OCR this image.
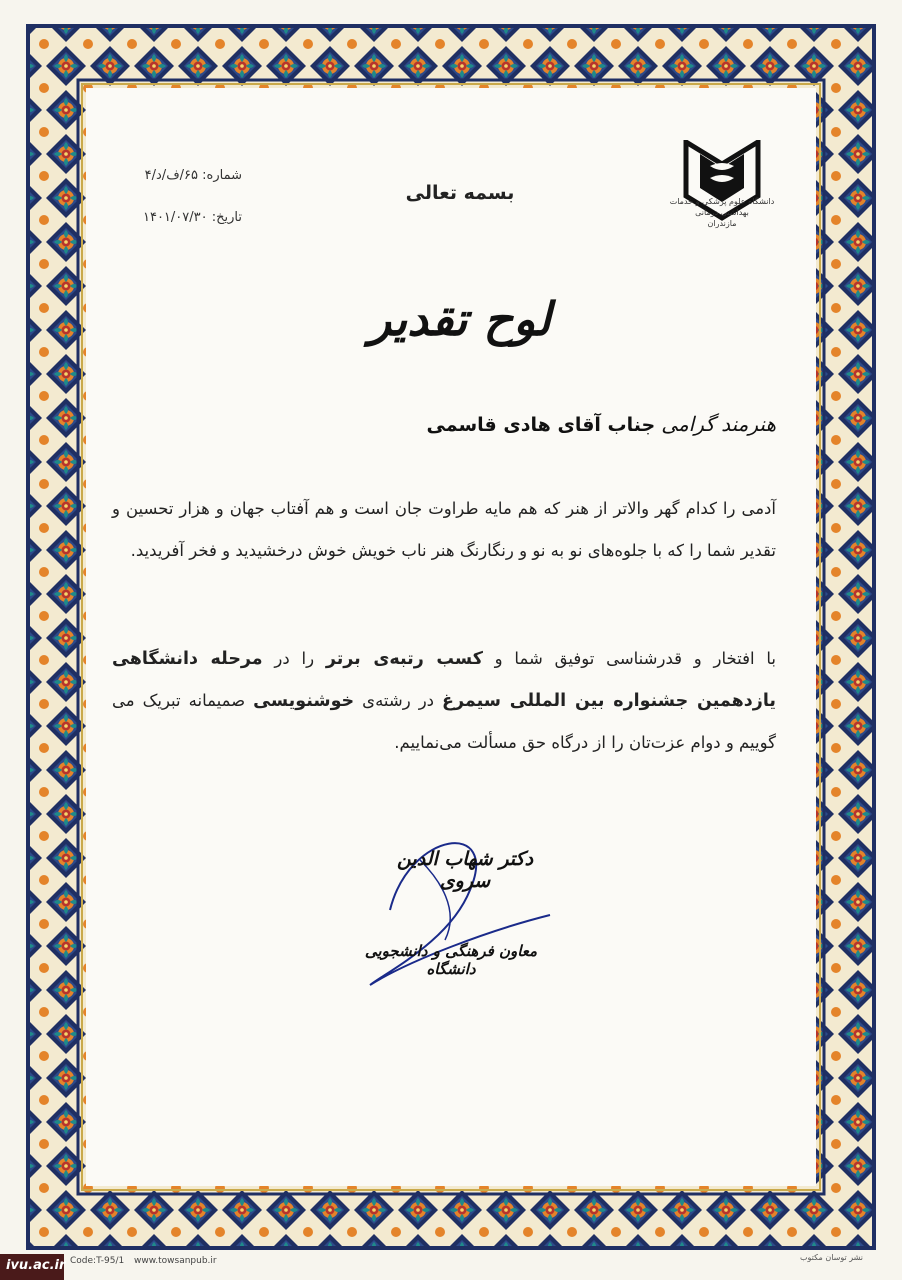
دانشگاه علوم پزشکی و خدمات بهداشتی درمانی
مازندران
بسمه تعالی
شماره: ۶۵/ف/د/۴
تاریخ: ۱۴۰۱/۰۷/۳۰
لوح تقدیر
هنرمند گرامی جناب آقای هادی قاسمی
آدمی را کدام گهر والاتر از هنر که هم مایه طراوت جان است و هم آفتاب جهان و هزار تحسین و تقدیر شما را که با جلوه‌های نو به نو و رنگارنگ هنر ناب خویش خوش درخشیدید و فخر آفریدید.
با افتخار و قدرشناسی توفیق شما و کسب رتبه‌ی برتر را در مرحله دانشگاهی یازدهمین جشنواره بین المللی سیمرغ در رشته‌ی خوشنویسی صمیمانه تبریک می گوییم و دوام عزت‌تان را از درگاه حق مسألت می‌نماییم.
دکتر شهاب الدین سروی
معاون فرهنگی و دانشجویی دانشگاه
Code:T-95/1 www.towsanpub.ir	نشر توسان مکتوب
ivu.ac.ir
